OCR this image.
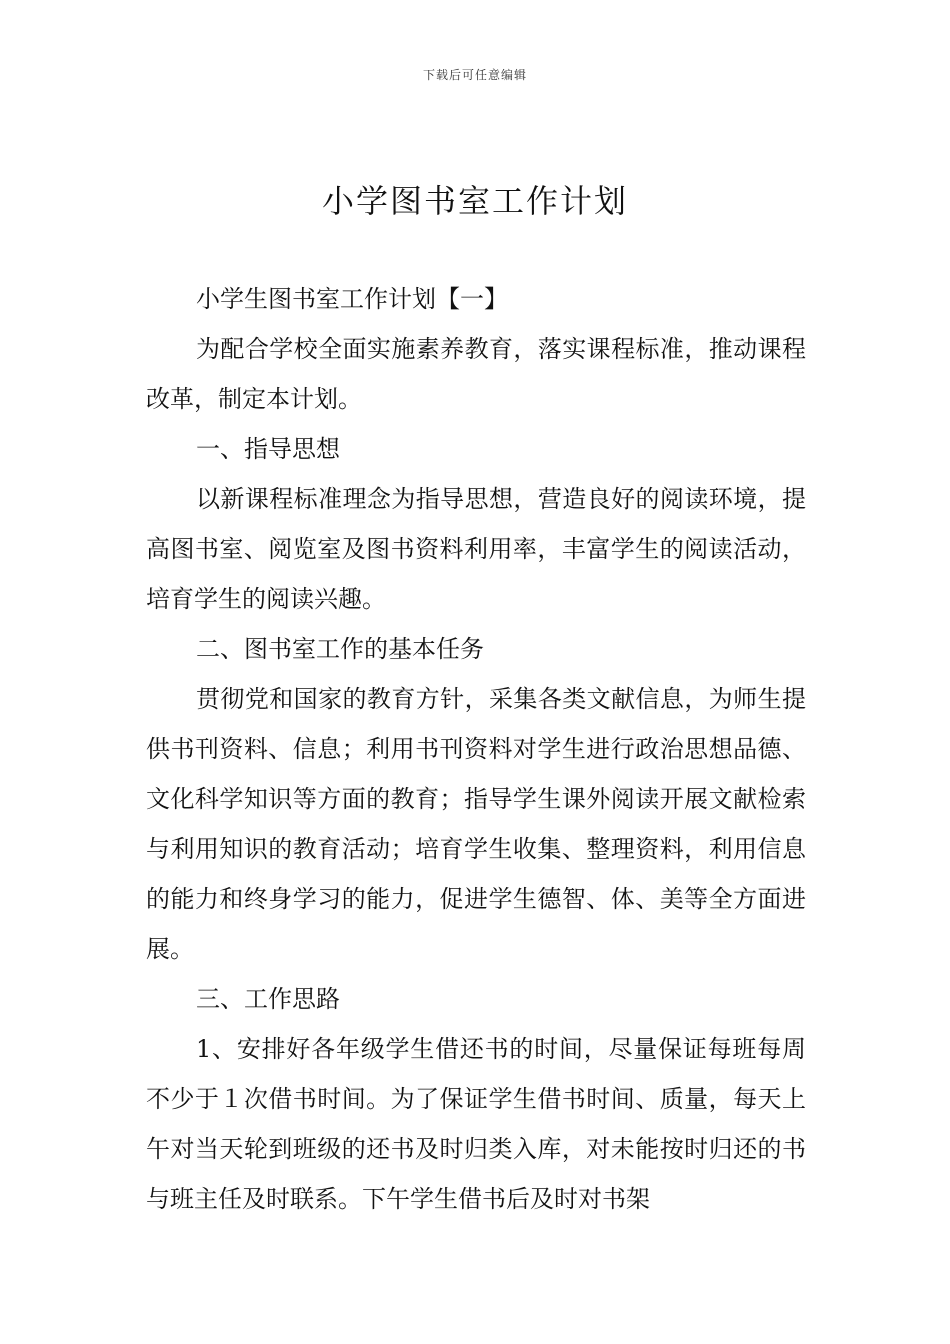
下载后可任意编辑
小学图书室工作计划

小学生图书室工作计划【一】

为配合学校全面实施素养教育，落实课程标准，推动课程改革，制定本计划。

一、指导思想

以新课程标准理念为指导思想，营造良好的阅读环境，提高图书室、阅览室及图书资料利用率，丰富学生的阅读活动，培育学生的阅读兴趣。

二、图书室工作的基本任务

贯彻党和国家的教育方针，采集各类文献信息，为师生提供书刊资料、信息；利用书刊资料对学生进行政治思想品德、文化科学知识等方面的教育；指导学生课外阅读开展文献检索与利用知识的教育活动；培育学生收集、整理资料，利用信息的能力和终身学习的能力，促进学生德智、体、美等全方面进展。

三、工作思路

1、安排好各年级学生借还书的时间，尽量保证每班每周不少于１次借书时间。为了保证学生借书时间、质量，每天上午对当天轮到班级的还书及时归类入库，对未能按时归还的书与班主任及时联系。下午学生借书后及时对书架
